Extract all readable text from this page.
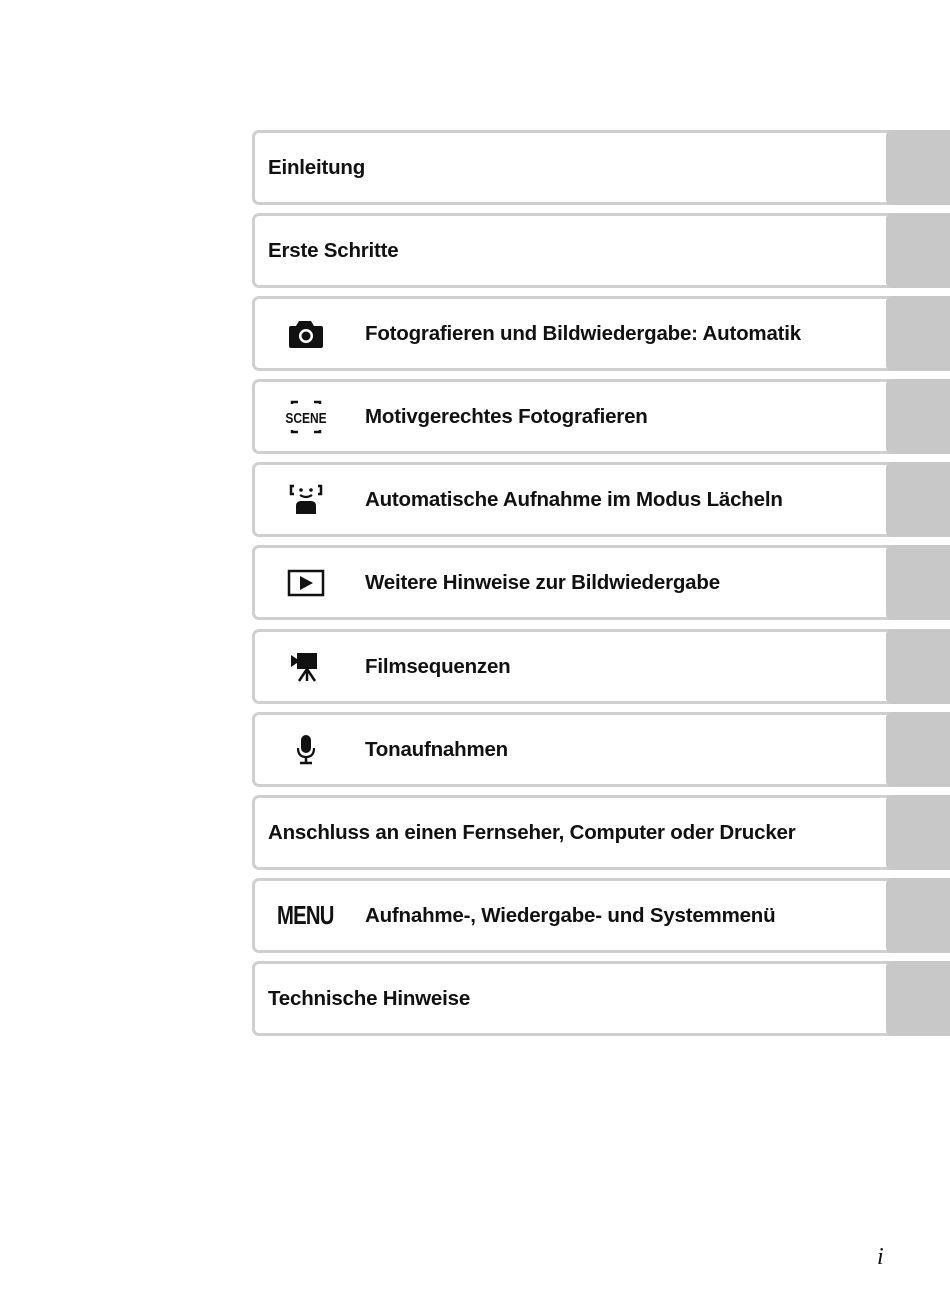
Einleitung
Erste Schritte
Fotografieren und Bildwiedergabe: Automatik
SCENE Motivgerechtes Fotografieren
Automatische Aufnahme im Modus Lächeln
Weitere Hinweise zur Bildwiedergabe
Filmsequenzen
Tonaufnahmen
Anschluss an einen Fernseher, Computer oder Drucker
MENU Aufnahme-, Wiedergabe- und Systemmenü
Technische Hinweise
i
